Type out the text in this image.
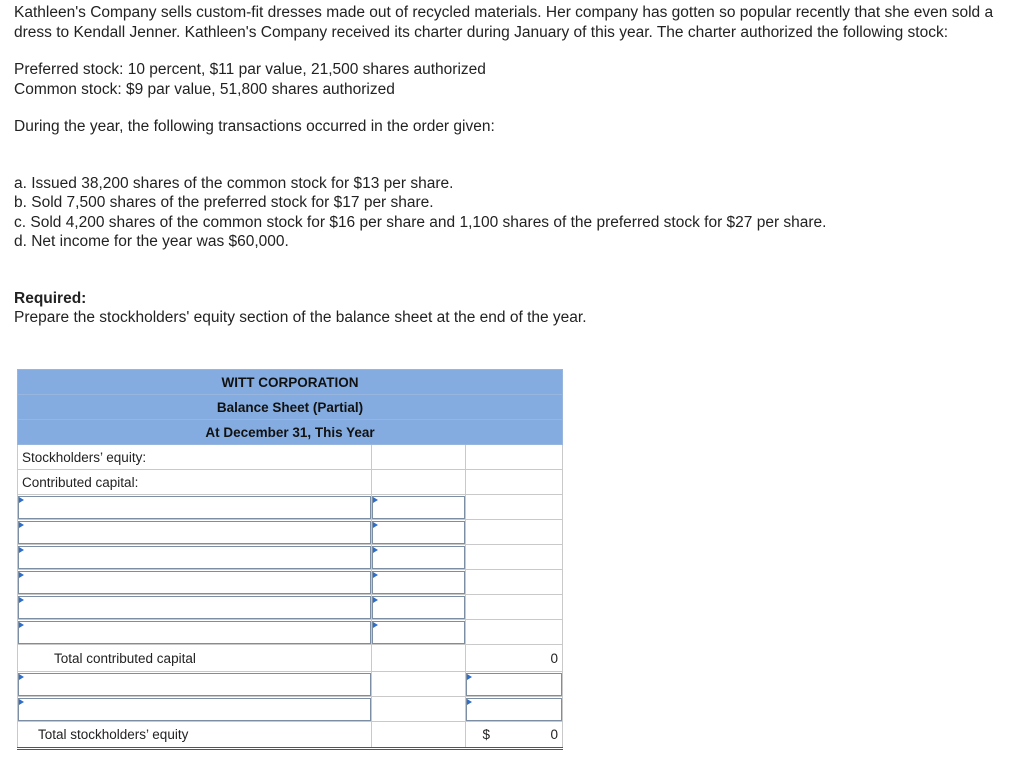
Kathleen's Company sells custom-fit dresses made out of recycled materials. Her company has gotten so popular recently that she even sold a dress to Kendall Jenner. Kathleen's Company received its charter during January of this year. The charter authorized the following stock:

Preferred stock: 10 percent, $11 par value, 21,500 shares authorized

Common stock: $9 par value, 51,800 shares authorized

During the year, the following transactions occurred in the order given:

a. Issued 38,200 shares of the common stock for $13 per share.

b. Sold 7,500 shares of the preferred stock for $17 per share.

c. Sold 4,200 shares of the common stock for $16 per share and 1,100 shares of the preferred stock for $27 per share.

d. Net income for the year was $60,000.

Required:

Prepare the stockholders' equity section of the balance sheet at the end of the year.

WITT CORPORATION		
Balance Sheet (Partial)		
At December 31, This Year		
Stockholders’ equity:		
Contributed capital:		

Total contributed capital		0

Total stockholders’ equity		$ 0
